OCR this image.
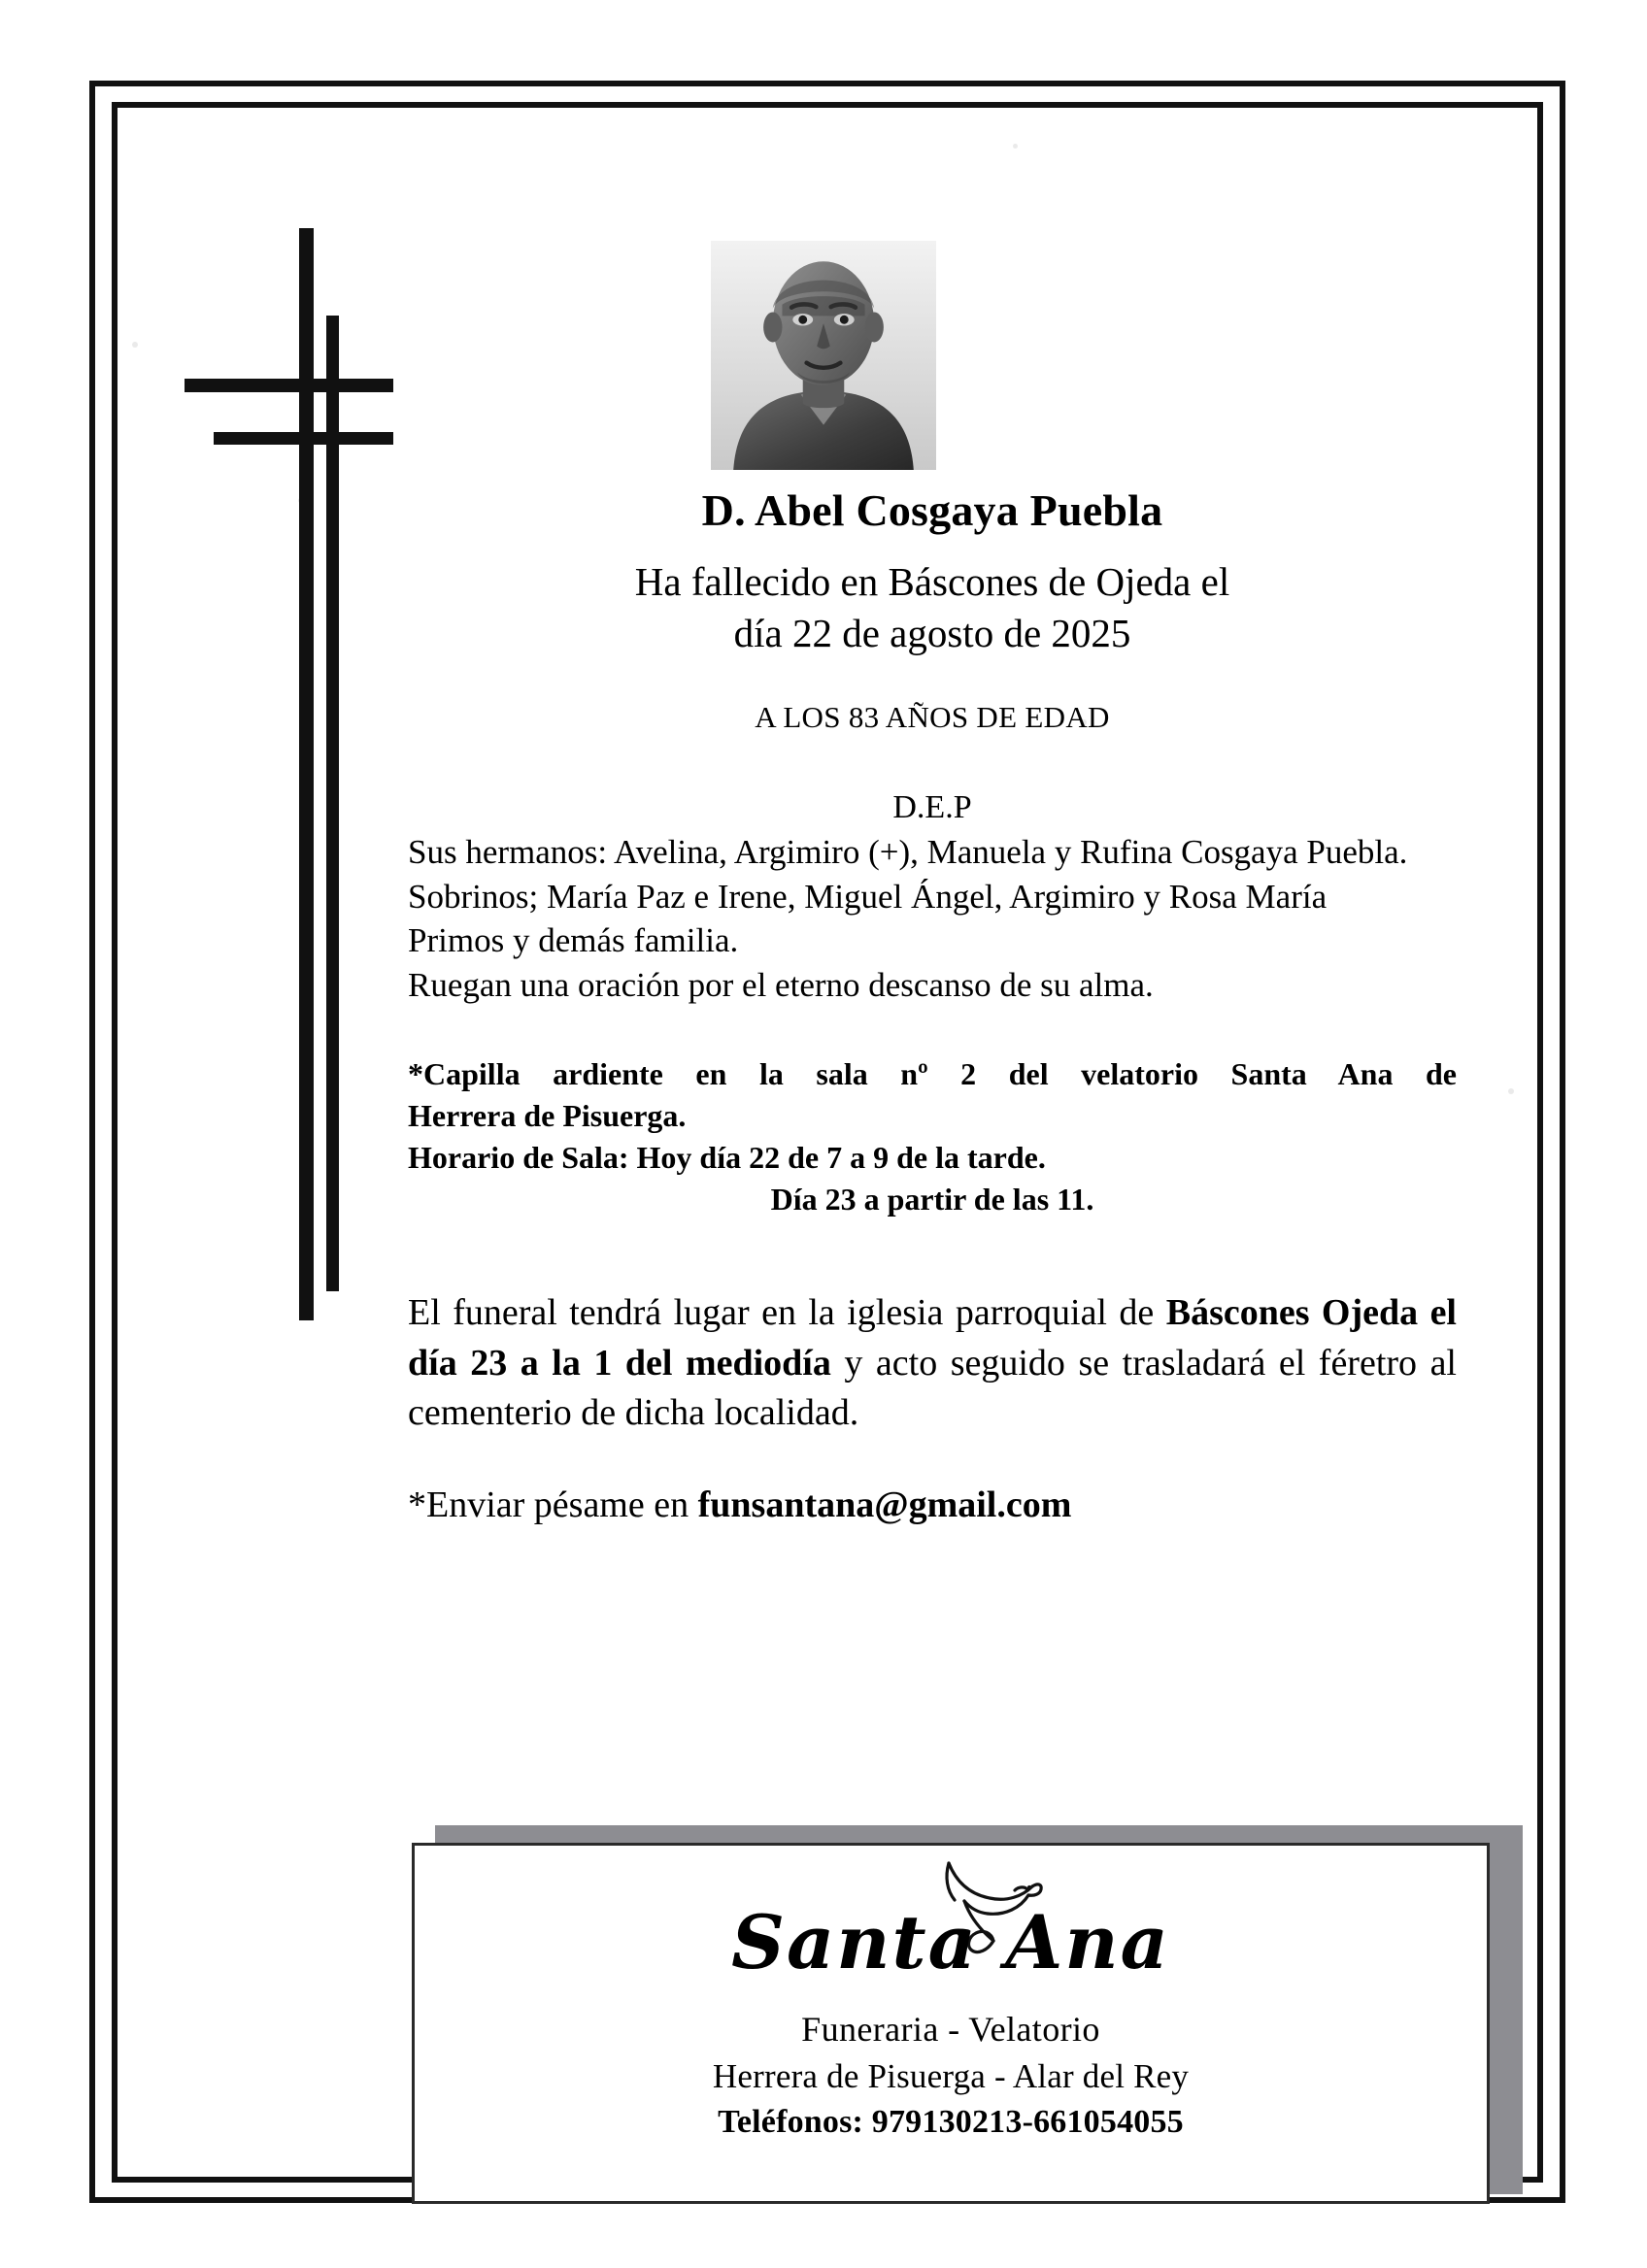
D. Abel Cosgaya Puebla
Ha fallecido en Báscones de Ojeda el
día 22 de agosto de 2025
A LOS 83 AÑOS DE EDAD
D.E.P

Sus hermanos: Avelina, Argimiro (+), Manuela y Rufina Cosgaya Puebla.

Sobrinos; María Paz e Irene, Miguel Ángel, Argimiro y Rosa María

Primos y demás familia.

Ruegan una oración por el eterno descanso de su alma.

*Capilla ardiente en la sala nº 2 del velatorio Santa Ana de

Herrera de Pisuerga.

Horario de Sala: Hoy día 22 de 7 a 9 de la tarde.

Día 23 a partir de las 11.

El funeral tendrá lugar en la iglesia parroquial de Báscones Ojeda el día 23 a la 1 del mediodía y acto seguido se trasladará el féretro al cementerio de dicha localidad.
*Enviar pésame en funsantana@gmail.com
Santa Ana
Funeraria - Velatorio
Herrera de Pisuerga - Alar del Rey
Teléfonos: 979130213-661054055
